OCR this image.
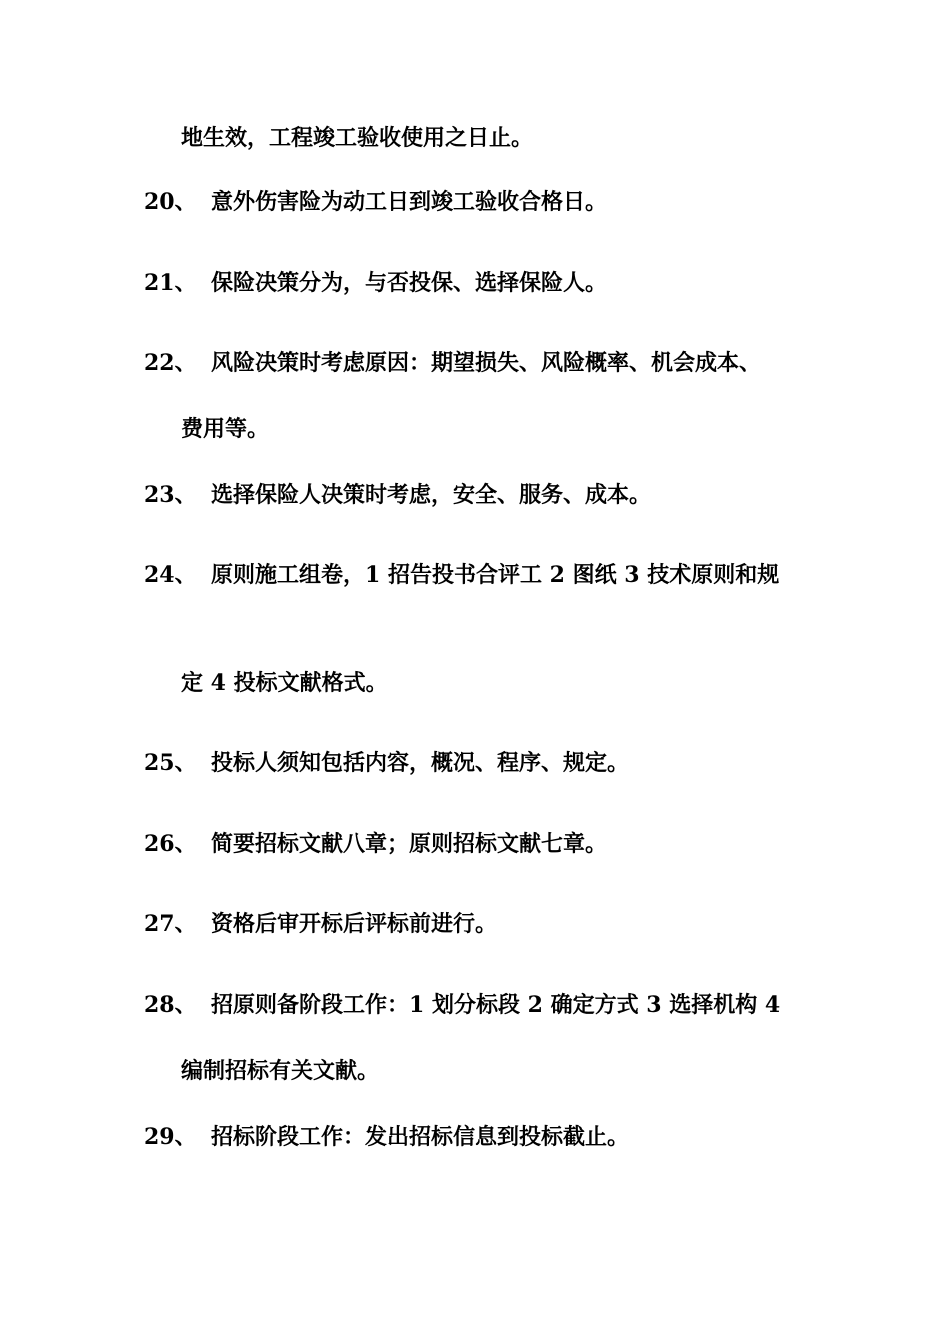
地生效，工程竣工验收使用之日止。
20、 意外伤害险为动工日到竣工验收合格日。
21、 保险决策分为，与否投保、选择保险人。
22、 风险决策时考虑原因：期望损失、风险概率、机会成本、
费用等。
23、 选择保险人决策时考虑，安全、服务、成本。
24、 原则施工组卷，1 招告投书合评工 2 图纸 3 技术原则和规
定 4 投标文献格式。
25、 投标人须知包括内容，概况、程序、规定。
26、 简要招标文献八章；原则招标文献七章。
27、 资格后审开标后评标前进行。
28、 招原则备阶段工作：1 划分标段 2 确定方式 3 选择机构 4
编制招标有关文献。
29、 招标阶段工作：发出招标信息到投标截止。
